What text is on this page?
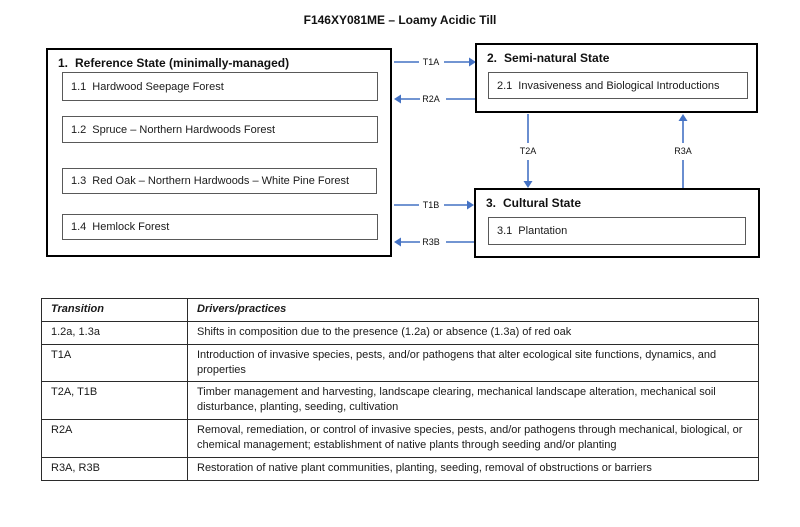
F146XY081ME – Loamy Acidic Till
T1A
R2A
T1B
R3B
T2A	R3A
1. Reference State (minimally-managed)
1.1 Hardwood Seepage Forest
1.2 Spruce – Northern Hardwoods Forest
1.3 Red Oak – Northern Hardwoods – White Pine Forest
1.4 Hemlock Forest
2. Semi-natural State
2.1 Invasiveness and Biological Introductions
3. Cultural State
3.1 Plantation
Transition	Drivers/practices
1.2a, 1.3a	Shifts in composition due to the presence (1.2a) or absence (1.3a) of red oak
T1A	Introduction of invasive species, pests, and/or pathogens that alter ecological site functions, dynamics, and properties
T2A, T1B	Timber management and harvesting, landscape clearing, mechanical landscape alteration, mechanical soil disturbance, planting, seeding, cultivation
R2A	Removal, remediation, or control of invasive species, pests, and/or pathogens through mechanical, biological, or chemical management; establishment of native plants through seeding and/or planting
R3A, R3B	Restoration of native plant communities, planting, seeding, removal of obstructions or barriers
